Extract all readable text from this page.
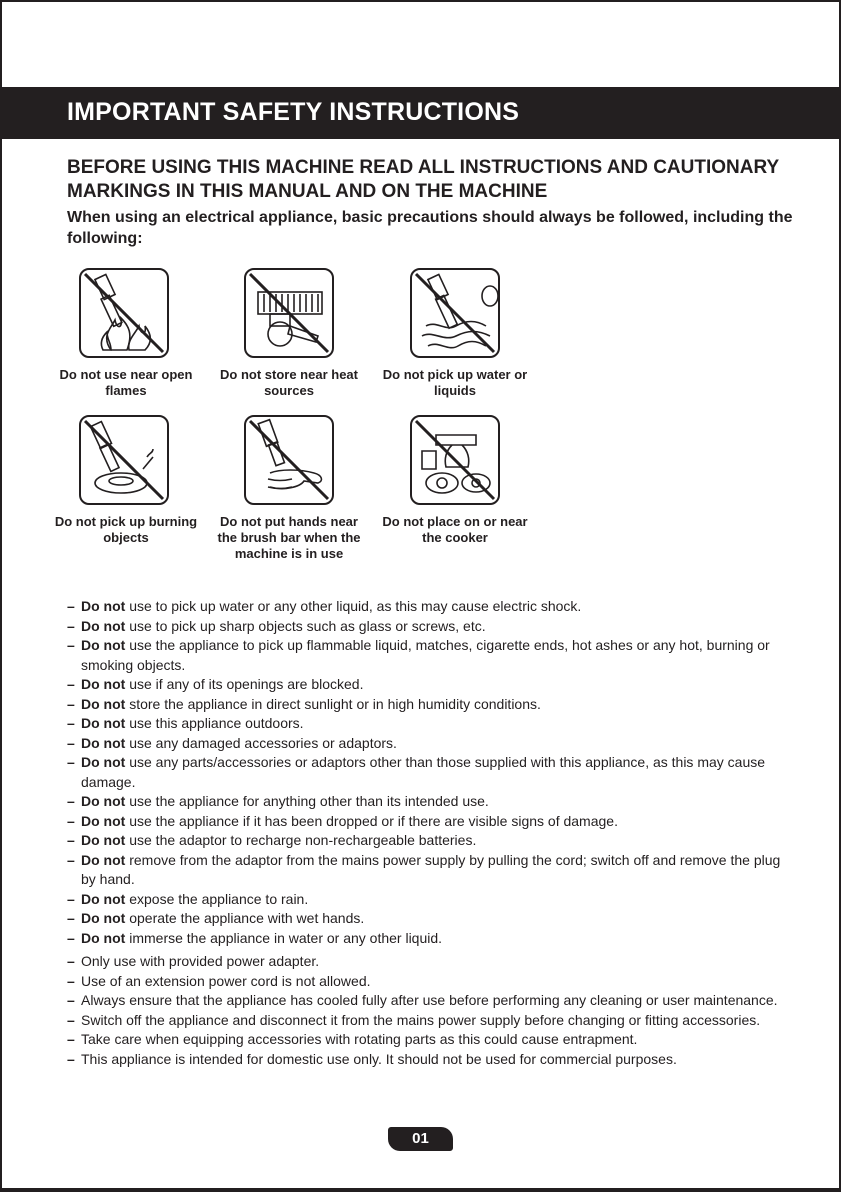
IMPORTANT SAFETY INSTRUCTIONS
BEFORE USING THIS MACHINE READ ALL INSTRUCTIONS AND CAUTIONARY MARKINGS IN THIS MANUAL AND ON THE MACHINE
When using an electrical appliance, basic precautions should always be followed, including the following:
Do not use near open flames
Do not store near heat sources
Do not pick up water or liquids
Do not pick up burning objects
Do not put hands near the brush bar when the machine is in use
Do not place on or near the cooker
– Do not use to pick up water or any other liquid, as this may cause electric shock.
– Do not use to pick up sharp objects such as glass or screws, etc.
– Do not use the appliance to pick up flammable liquid, matches, cigarette ends, hot ashes or any hot, burning or smoking objects.
– Do not use if any of its openings are blocked.
– Do not store the appliance in direct sunlight or in high humidity conditions.
– Do not use this appliance outdoors.
– Do not use any damaged accessories or adaptors.
– Do not use any parts/accessories or adaptors other than those supplied with this appliance, as this may cause damage.
– Do not use the appliance for anything other than its intended use.
– Do not use the appliance if it has been dropped or if there are visible signs of damage.
– Do not use the adaptor to recharge non-rechargeable batteries.
– Do not remove from the adaptor from the mains power supply by pulling the cord; switch off and remove the plug by hand.
– Do not expose the appliance to rain.
– Do not operate the appliance with wet hands.
– Do not immerse the appliance in water or any other liquid.
– Only use with provided power adapter.
– Use of an extension power cord is not allowed.
– Always ensure that the appliance has cooled fully after use before performing any cleaning or user maintenance.
– Switch off the appliance and disconnect it from the mains power supply before changing or fitting accessories.
– Take care when equipping accessories with rotating parts as this could cause entrapment.
– This appliance is intended for domestic use only. It should not be used for commercial purposes.
01
